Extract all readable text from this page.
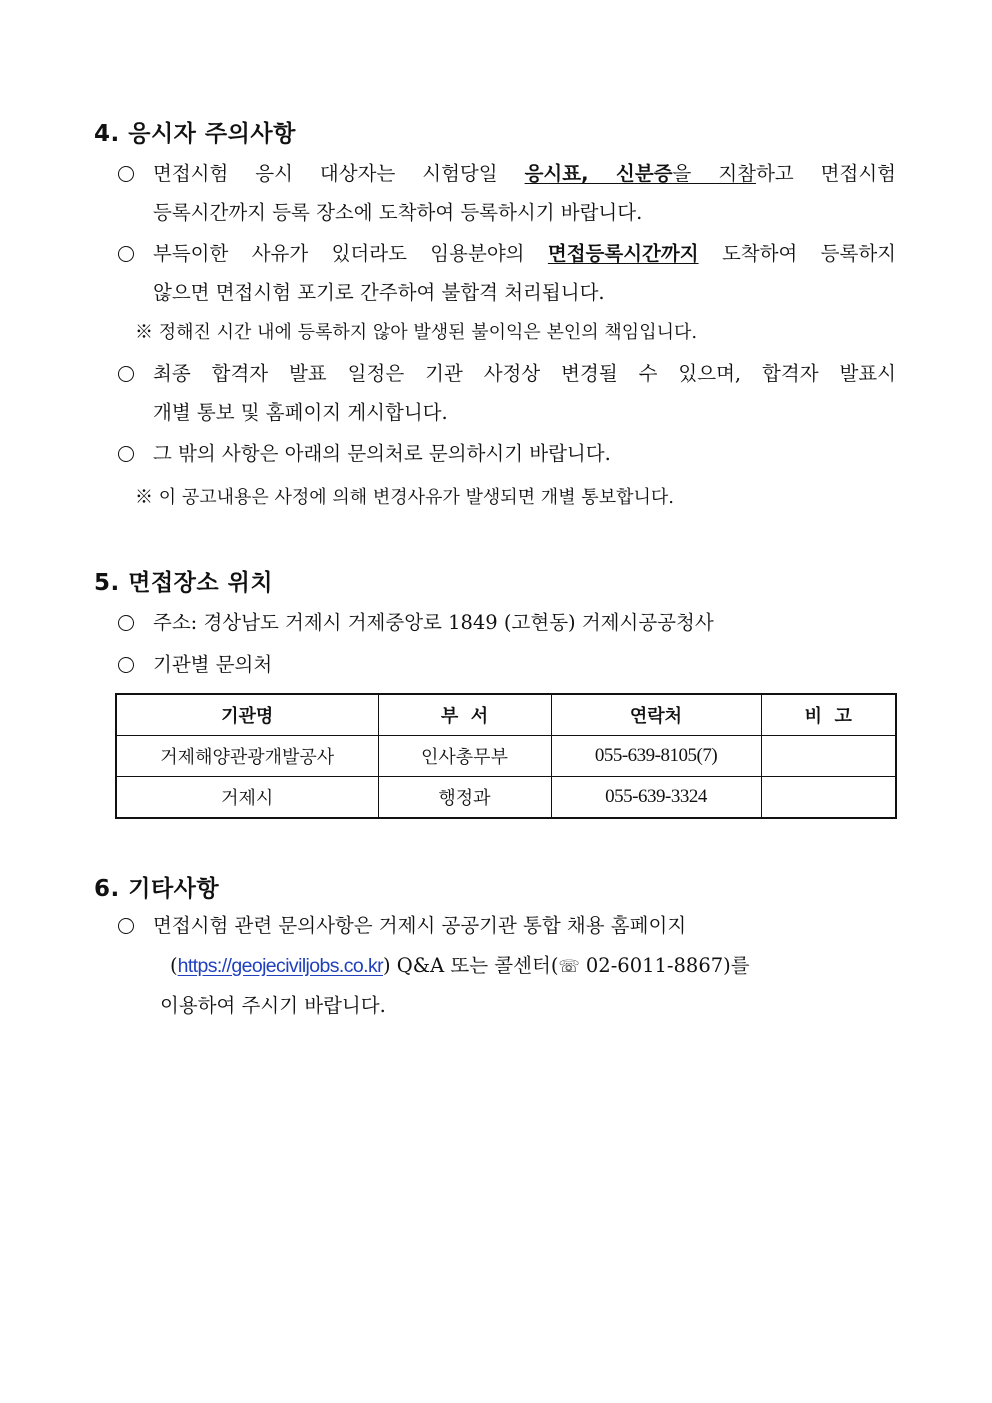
4. 응시자 주의사항
면접시험 응시 대상자는 시험당일 응시표, 신분증을 지참하고 면접시험
등록시간까지 등록 장소에 도착하여 등록하시기 바랍니다.
부득이한 사유가 있더라도 임용분야의 면접등록시간까지 도착하여 등록하지
않으면 면접시험 포기로 간주하여 불합격 처리됩니다.
※ 정해진 시간 내에 등록하지 않아 발생된 불이익은 본인의 책임입니다.
최종 합격자 발표 일정은 기관 사정상 변경될 수 있으며, 합격자 발표시
개별 통보 및 홈페이지 게시합니다.
그 밖의 사항은 아래의 문의처로 문의하시기 바랍니다.
※ 이 공고내용은 사정에 의해 변경사유가 발생되면 개별 통보합니다.
5. 면접장소 위치
주소: 경상남도 거제시 거제중앙로 1849 (고현동) 거제시공공청사
기관별 문의처
기관명	부  서	연락처	비  고
거제해양관광개발공사	인사총무부	055-639-8105(7)	
거제시	행정과	055-639-3324	
6. 기타사항
면접시험 관련 문의사항은 거제시 공공기관 통합 채용 홈페이지
(https://geojeciviljobs.co.kr) Q&A 또는 콜센터(☏ 02-6011-8867)를
이용하여 주시기 바랍니다.
